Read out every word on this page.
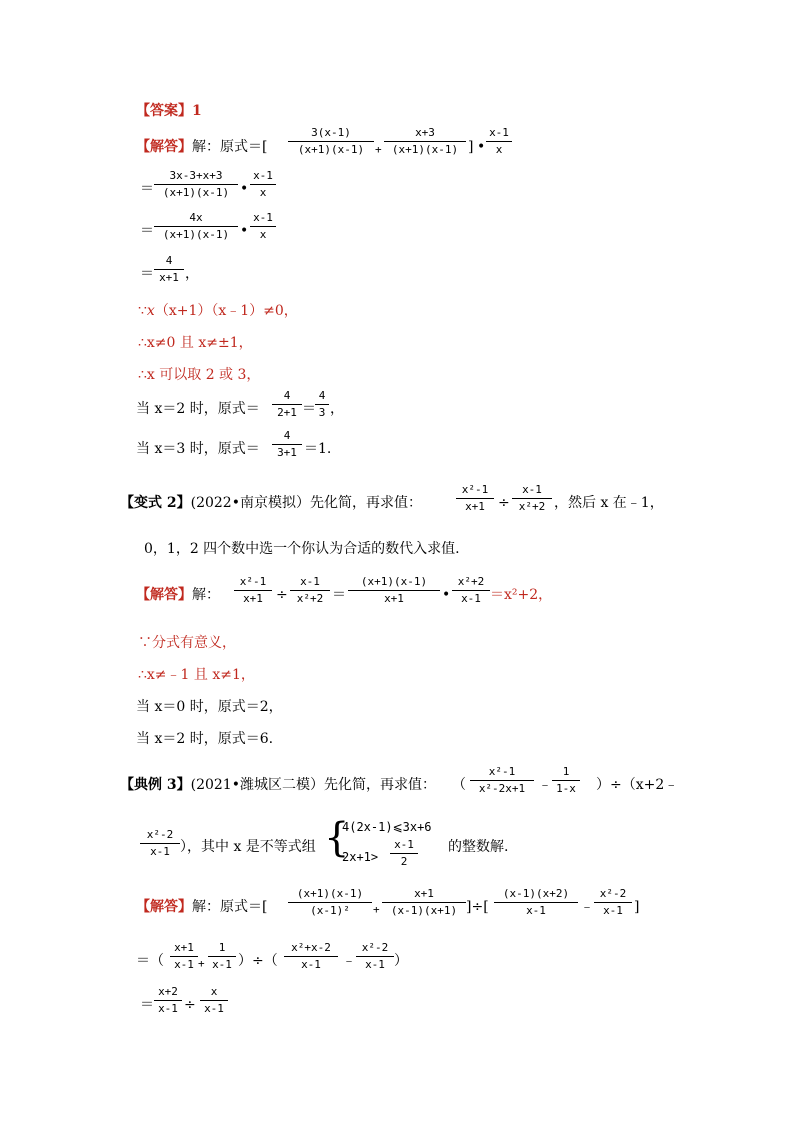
【答案】1
【解答】解：原式＝[
3(x-1)
(x+1)(x-1) +
x+3
(x+1)(x-1) ] •
x-1
x
＝
3x-3+x+3
(x+1)(x-1) •
x-1
x
＝
4x
(x+1)(x-1) •
x-1
x
＝
4
x+1 ，
∵x（x+1）（x﹣1）≠0，
∴x≠0 且 x≠±1，
∴x 可以取 2 或 3，
当 x＝2 时，原式＝
4
2+1 ＝
4
3 ，
当 x＝3 时，原式＝
4
3+1 ＝1.
【变式 2】(2022•南京模拟）先化简，再求值：
x²-1
x+1 ÷
x-1
x²+2 ，然后 x 在﹣1，
0，1，2 四个数中选一个你认为合适的数代入求值.
【解答】解：
x²-1
x+1 ÷
x-1
x²+2 ＝
(x+1)(x-1)
x+1	•
x²+2
x-1 ＝x²+2，
∵分式有意义，
∴x≠﹣1 且 x≠1，
当 x＝0 时，原式＝2，
当 x＝2 时，原式＝6.
【典例 3】(2021•潍城区二模）先化简，再求值： （
x²-1
x²-2x+1 ﹣
1
1-x ）÷（x+2﹣
x²-2
x-1 ），其中 x 是不等式组 {
4(2x-1)⩽3x+6
2x+1>
x-1
2
的整数解.
【解答】解：原式＝[
(x+1)(x-1)
(x-1)²	+
x+1
(x-1)(x+1) ]÷[
(x-1)(x+2)
x-1	﹣
x²-2
x-1 ]
＝（
x+1
x-1 +
1
x-1 ）÷（
x²+x-2
x-1	﹣
x²-2
x-1 ）
＝
x+2
x-1 ÷
x
x-1
